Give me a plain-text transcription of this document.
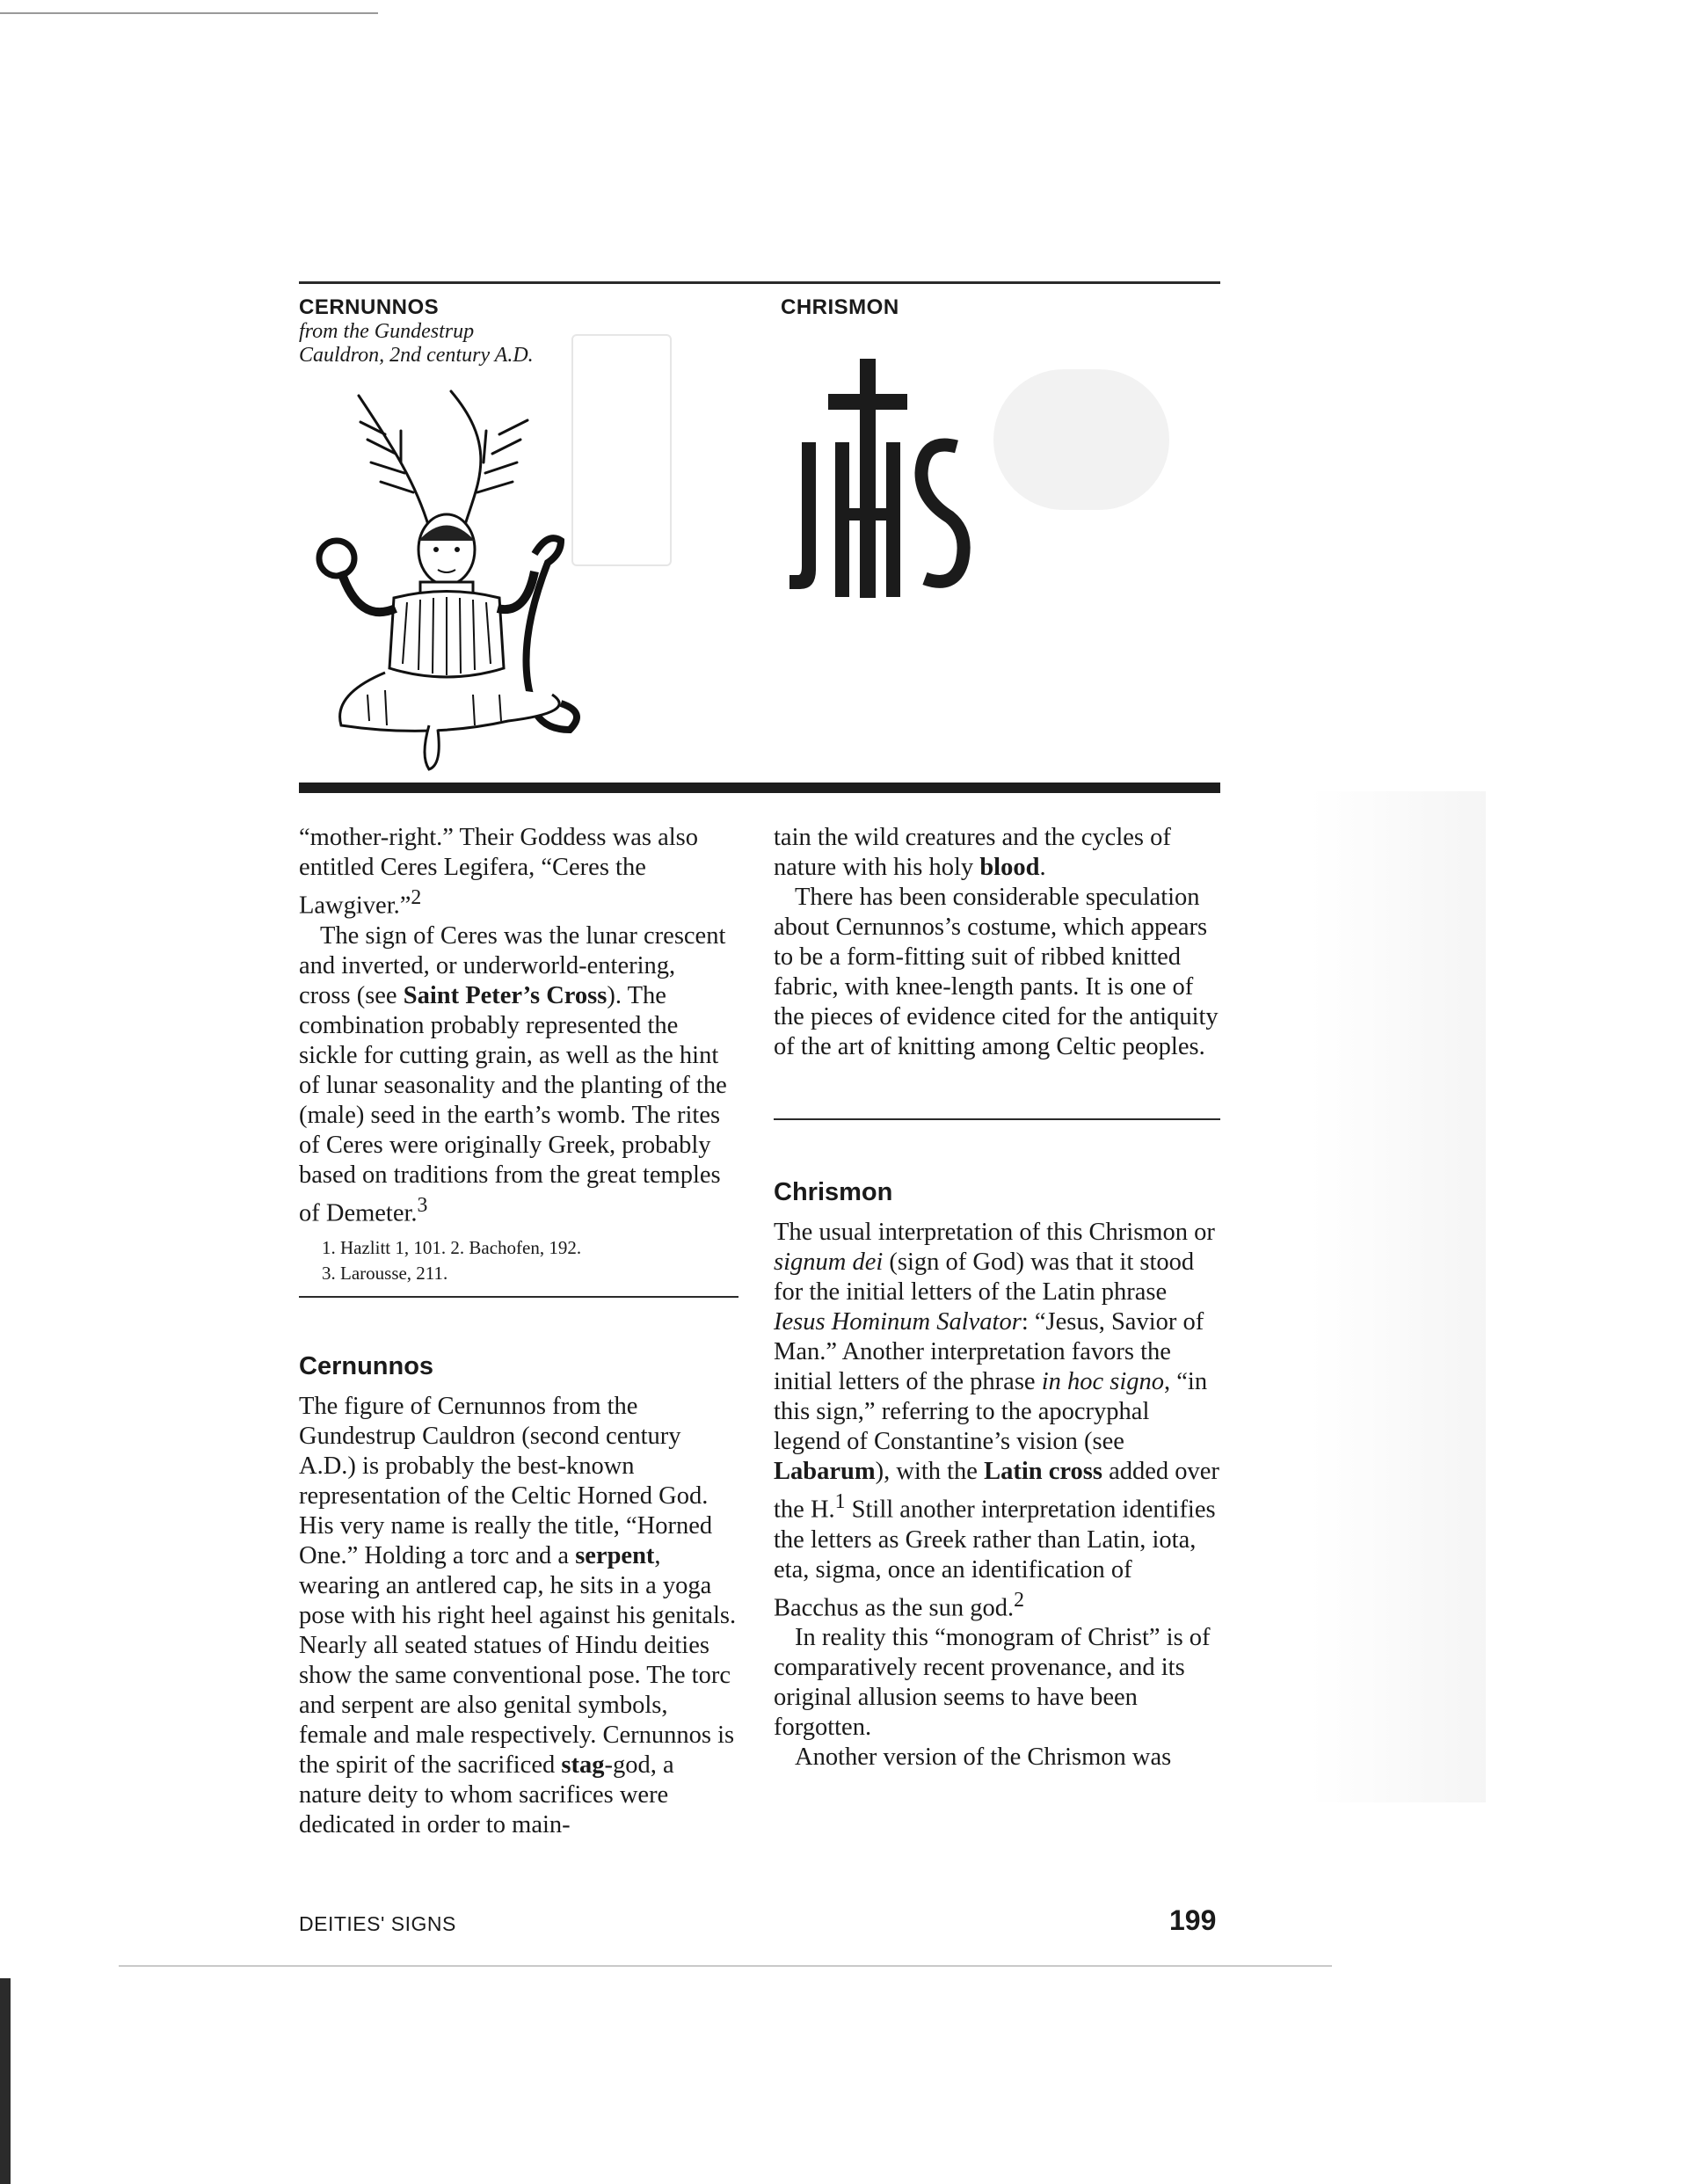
CERNUNNOS
from the Gundestrup
Cauldron, 2nd century A.D.
CHRISMON
JHS

“mother-right.” Their Goddess was also entitled Ceres Legifera, “Ceres the Lawgiver.”$^2$

The sign of Ceres was the lunar crescent and inverted, or underworld-entering, cross (see Saint Peter’s Cross). The combination probably represented the sickle for cutting grain, as well as the hint of lunar seasonality and the planting of the (male) seed in the earth’s womb. The rites of Ceres were originally Greek, probably based on traditions from the great temples of Demeter.$^3$

1. Hazlitt 1, 101. 2. Bachofen, 192.
3. Larousse, 211.
Cernunnos

The figure of Cernunnos from the Gundestrup Cauldron (second century A.D.) is probably the best-known representation of the Celtic Horned God. His very name is really the title, “Horned One.” Holding a torc and a serpent, wearing an antlered cap, he sits in a yoga pose with his right heel against his genitals. Nearly all seated statues of Hindu deities show the same conventional pose. The torc and serpent are also genital symbols, female and male respectively. Cernunnos is the spirit of the sacrificed stag-god, a nature deity to whom sacrifices were dedicated in order to main-

tain the wild creatures and the cycles of nature with his holy blood.

There has been considerable speculation about Cernunnos’s costume, which appears to be a form-fitting suit of ribbed knitted fabric, with knee-length pants. It is one of the pieces of evidence cited for the antiquity of the art of knitting among Celtic peoples.

Chrismon

The usual interpretation of this Chrismon or signum dei (sign of God) was that it stood for the initial letters of the Latin phrase Iesus Hominum Salvator: “Jesus, Savior of Man.” Another interpretation favors the initial letters of the phrase in hoc signo, “in this sign,” referring to the apocryphal legend of Constantine’s vision (see Labarum), with the Latin cross added over the H.$^1$ Still another interpretation identifies the letters as Greek rather than Latin, iota, eta, sigma, once an identification of Bacchus as the sun god.$^2$

In reality this “monogram of Christ” is of comparatively recent provenance, and its original allusion seems to have been forgotten.

Another version of the Chrismon was

DEITIES' SIGNS	199
